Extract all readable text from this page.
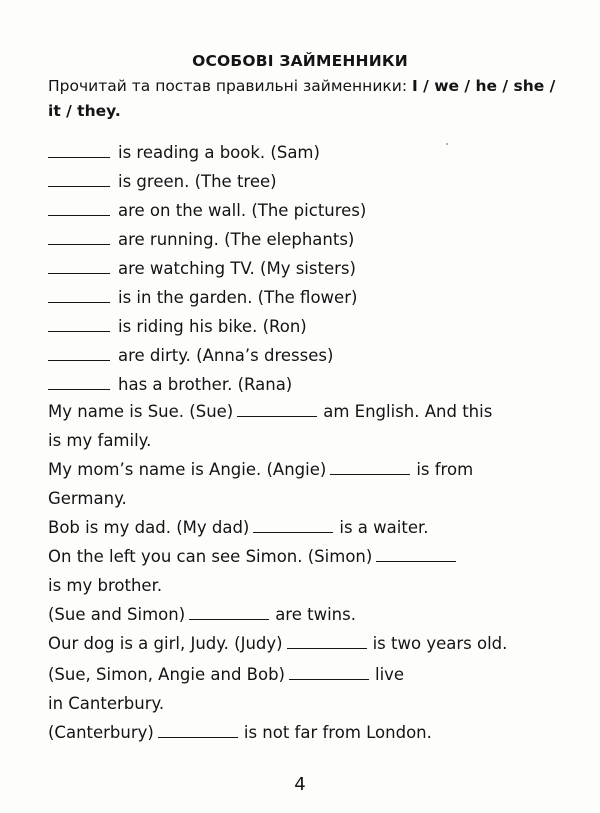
ОСОБОВІ ЗАЙМЕННИКИ
Прочитай та постав правильні займенники: I / we / he / she /
it / they.
is reading a book. (Sam)
is green. (The tree)
are on the wall. (The pictures)
are running. (The elephants)
are watching TV. (My sisters)
is in the garden. (The flower)
is riding his bike. (Ron)
are dirty. (Anna’s dresses)
has a brother. (Rana)
My name is Sue. (Sue)	am English. And this
is my family.
My mom’s name is Angie. (Angie)	is from
Germany.
Bob is my dad. (My dad)	is a waiter.
On the left you can see Simon. (Simon)
is my brother.
(Sue and Simon)	are twins.
Our dog is a girl, Judy. (Judy)	is two years old.
(Sue, Simon, Angie and Bob)	live
in Canterbury.
(Canterbury)	is not far from London.
4
